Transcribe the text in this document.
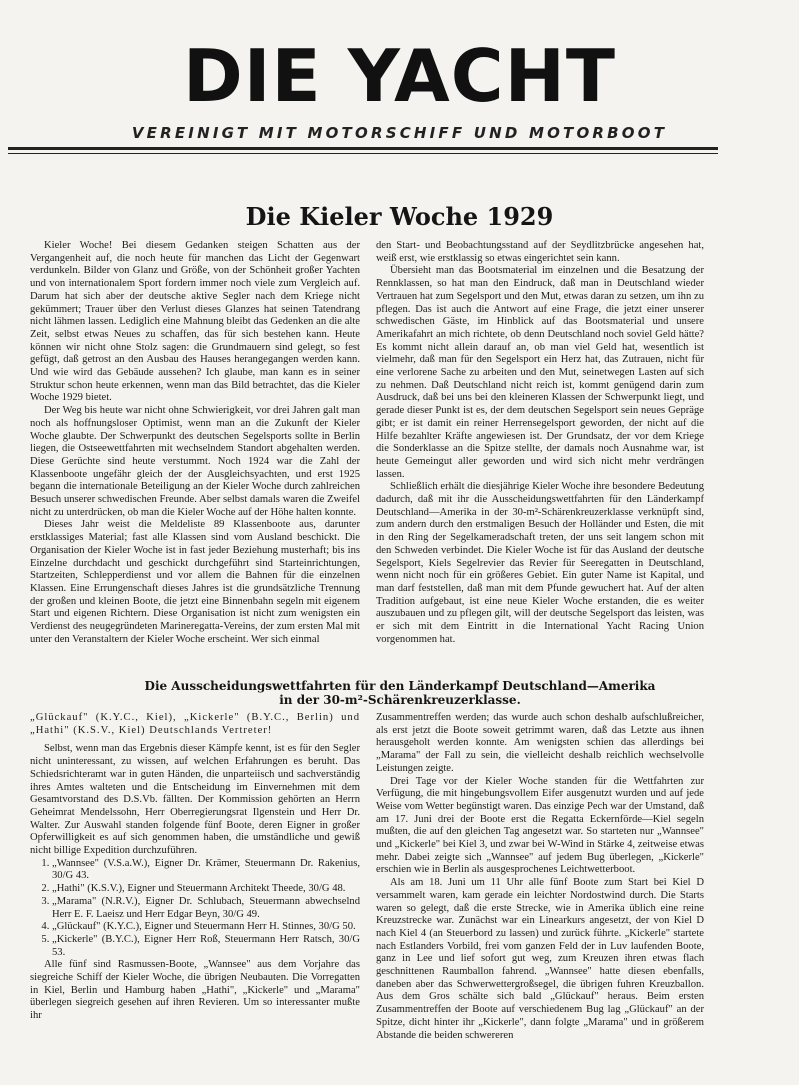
DIE YACHT
VEREINIGT MIT MOTORSCHIFF UND MOTORBOOT
Die Kieler Woche 1929

Kieler Woche! Bei diesem Gedanken steigen Schatten aus der Vergangenheit auf, die noch heute für manchen das Licht der Gegenwart verdunkeln. Bilder von Glanz und Größe, von der Schönheit großer Yachten und von internationalem Sport fordern immer noch viele zum Vergleich auf. Darum hat sich aber der deutsche aktive Segler nach dem Kriege nicht gekümmert; Trauer über den Verlust dieses Glanzes hat seinen Tatendrang nicht lähmen lassen. Lediglich eine Mahnung bleibt das Gedenken an die alte Zeit, selbst etwas Neues zu schaffen, das für sich bestehen kann. Heute können wir nicht ohne Stolz sagen: die Grundmauern sind gelegt, so fest gefügt, daß getrost an den Ausbau des Hauses herangegangen werden kann. Und wie wird das Gebäude aussehen? Ich glaube, man kann es in seiner Struktur schon heute erkennen, wenn man das Bild betrachtet, das die Kieler Woche 1929 bietet.

Der Weg bis heute war nicht ohne Schwierigkeit, vor drei Jahren galt man noch als hoffnungsloser Optimist, wenn man an die Zukunft der Kieler Woche glaubte. Der Schwerpunkt des deutschen Segelsports sollte in Berlin liegen, die Ostseewettfahrten mit wechselndem Standort abgehalten werden. Diese Gerüchte sind heute verstummt. Noch 1924 war die Zahl der Klassenboote ungefähr gleich der der Ausgleichsyachten, und erst 1925 begann die internationale Beteiligung an der Kieler Woche durch zahlreichen Besuch unserer schwedischen Freunde. Aber selbst damals waren die Zweifel nicht zu unterdrücken, ob man die Kieler Woche auf der Höhe halten konnte.

Dieses Jahr weist die Meldeliste 89 Klassenboote aus, darunter erstklassiges Material; fast alle Klassen sind vom Ausland beschickt. Die Organisation der Kieler Woche ist in fast jeder Beziehung musterhaft; bis ins Einzelne durchdacht und geschickt durchgeführt sind Starteinrichtungen, Startzeiten, Schlepperdienst und vor allem die Bahnen für die einzelnen Klassen. Eine Errungenschaft dieses Jahres ist die grundsätzliche Trennung der großen und kleinen Boote, die jetzt eine Binnenbahn segeln mit eigenem Start und eigenen Richtern. Diese Organisation ist nicht zum wenigsten ein Verdienst des neugegründeten Marineregatta-Vereins, der zum ersten Mal mit unter den Veranstaltern der Kieler Woche erscheint. Wer sich einmal

den Start- und Beobachtungsstand auf der Seydlitzbrücke angesehen hat, weiß erst, wie erstklassig so etwas eingerichtet sein kann.

Übersieht man das Bootsmaterial im einzelnen und die Besatzung der Rennklassen, so hat man den Eindruck, daß man in Deutschland wieder Vertrauen hat zum Segelsport und den Mut, etwas daran zu setzen, um ihn zu pflegen. Das ist auch die Antwort auf eine Frage, die jetzt einer unserer schwedischen Gäste, im Hinblick auf das Bootsmaterial und unsere Amerikafahrt an mich richtete, ob denn Deutschland noch soviel Geld hätte? Es kommt nicht allein darauf an, ob man viel Geld hat, wesentlich ist vielmehr, daß man für den Segelsport ein Herz hat, das Zutrauen, nicht für eine verlorene Sache zu arbeiten und den Mut, seinetwegen Lasten auf sich zu nehmen. Daß Deutschland nicht reich ist, kommt genügend darin zum Ausdruck, daß bei uns bei den kleineren Klassen der Schwerpunkt liegt, und gerade dieser Punkt ist es, der dem deutschen Segelsport sein neues Gepräge gibt; er ist damit ein reiner Herrensegelsport geworden, der nicht auf die Hilfe bezahlter Kräfte angewiesen ist. Der Grundsatz, der vor dem Kriege die Sonderklasse an die Spitze stellte, der damals noch Ausnahme war, ist heute Gemeingut aller geworden und wird sich nicht mehr verdrängen lassen.

Schließlich erhält die diesjährige Kieler Woche ihre besondere Bedeutung dadurch, daß mit ihr die Ausscheidungswettfahrten für den Länderkampf Deutschland—Amerika in der 30-m²-Schärenkreuzerklasse verknüpft sind, zum andern durch den erstmaligen Besuch der Holländer und Esten, die mit in den Ring der Segelkameradschaft treten, der uns seit langem schon mit den Schweden verbindet. Die Kieler Woche ist für das Ausland der deutsche Segelsport, Kiels Segelrevier das Revier für Seeregatten in Deutschland, wenn nicht noch für ein größeres Gebiet. Ein guter Name ist Kapital, und man darf feststellen, daß man mit dem Pfunde gewuchert hat. Auf der alten Tradition aufgebaut, ist eine neue Kieler Woche erstanden, die es weiter auszubauen und zu pflegen gilt, will der deutsche Segelsport das leisten, was er sich mit dem Eintritt in die International Yacht Racing Union vorgenommen hat.

Die Ausscheidungswettfahrten für den Länderkampf Deutschland—Amerika
in der 30-m²-Schärenkreuzerklasse.

„Glückauf" (K.Y.C., Kiel), „Kickerle" (B.Y.C., Berlin) und „Hathi" (K.S.V., Kiel) Deutschlands Vertreter!

Selbst, wenn man das Ergebnis dieser Kämpfe kennt, ist es für den Segler nicht uninteressant, zu wissen, auf welchen Erfahrungen es beruht. Das Schiedsrichteramt war in guten Händen, die unparteiisch und sachverständig ihres Amtes walteten und die Entscheidung im Einvernehmen mit dem Gesamtvorstand des D.S.Vb. fällten. Der Kommission gehörten an Herrn Geheimrat Mendelssohn, Herr Oberregierungsrat Ilgenstein und Herr Dr. Walter. Zur Auswahl standen folgende fünf Boote, deren Eigner in großer Opferwilligkeit es auf sich genommen haben, die umständliche und gewiß nicht billige Expedition durchzuführen.

1. „Wannsee" (V.S.a.W.), Eigner Dr. Krämer, Steuermann Dr. Rakenius, 30/G 43.
2. „Hathi" (K.S.V.), Eigner und Steuermann Architekt Theede, 30/G 48.
3. „Marama" (N.R.V.), Eigner Dr. Schlubach, Steuermann abwechselnd Herr E. F. Laeisz und Herr Edgar Beyn, 30/G 49.
4. „Glückauf" (K.Y.C.), Eigner und Steuermann Herr H. Stinnes, 30/G 50.
5. „Kickerle" (B.Y.C.), Eigner Herr Roß, Steuermann Herr Ratsch, 30/G 53.

Alle fünf sind Rasmussen-Boote, „Wannsee" aus dem Vorjahre das siegreiche Schiff der Kieler Woche, die übrigen Neubauten. Die Vorregatten in Kiel, Berlin und Hamburg haben „Hathi", „Kickerle" und „Marama" überlegen siegreich gesehen auf ihren Revieren. Um so interessanter mußte ihr

Zusammentreffen werden; das wurde auch schon deshalb aufschlußreicher, als erst jetzt die Boote soweit getrimmt waren, daß das Letzte aus ihnen herausgeholt werden konnte. Am wenigsten schien das allerdings bei „Marama" der Fall zu sein, die vielleicht deshalb reichlich wechselvolle Leistungen zeigte.

Drei Tage vor der Kieler Woche standen für die Wettfahrten zur Verfügung, die mit hingebungsvollem Eifer ausgenutzt wurden und auf jede Weise vom Wetter begünstigt waren. Das einzige Pech war der Umstand, daß am 17. Juni drei der Boote erst die Regatta Eckernförde—Kiel segeln mußten, die auf den gleichen Tag angesetzt war. So starteten nur „Wannsee" und „Kickerle" bei Kiel 3, und zwar bei W-Wind in Stärke 4, zeitweise etwas mehr. Dabei zeigte sich „Wannsee" auf jedem Bug überlegen, „Kickerle" erschien wie in Berlin als ausgesprochenes Leichtwetterboot.

Als am 18. Juni um 11 Uhr alle fünf Boote zum Start bei Kiel D versammelt waren, kam gerade ein leichter Nordostwind durch. Die Starts waren so gelegt, daß die erste Strecke, wie in Amerika üblich eine reine Kreuzstrecke war. Zunächst war ein Linearkurs angesetzt, der von Kiel D nach Kiel 4 (an Steuerbord zu lassen) und zurück führte. „Kickerle" startete nach Estlanders Vorbild, frei vom ganzen Feld der in Luv laufenden Boote, ganz in Lee und lief sofort gut weg, zum Kreuzen ihren etwas flach geschnittenen Raumballon fahrend. „Wannsee" hatte diesen ebenfalls, daneben aber das Schwerwettergroßsegel, die übrigen fuhren Kreuzballon. Aus dem Gros schälte sich bald „Glückauf" heraus. Beim ersten Zusammentreffen der Boote auf verschiedenem Bug lag „Glückauf" an der Spitze, dicht hinter ihr „Kickerle", dann folgte „Marama" und in größerem Abstande die beiden schwereren
